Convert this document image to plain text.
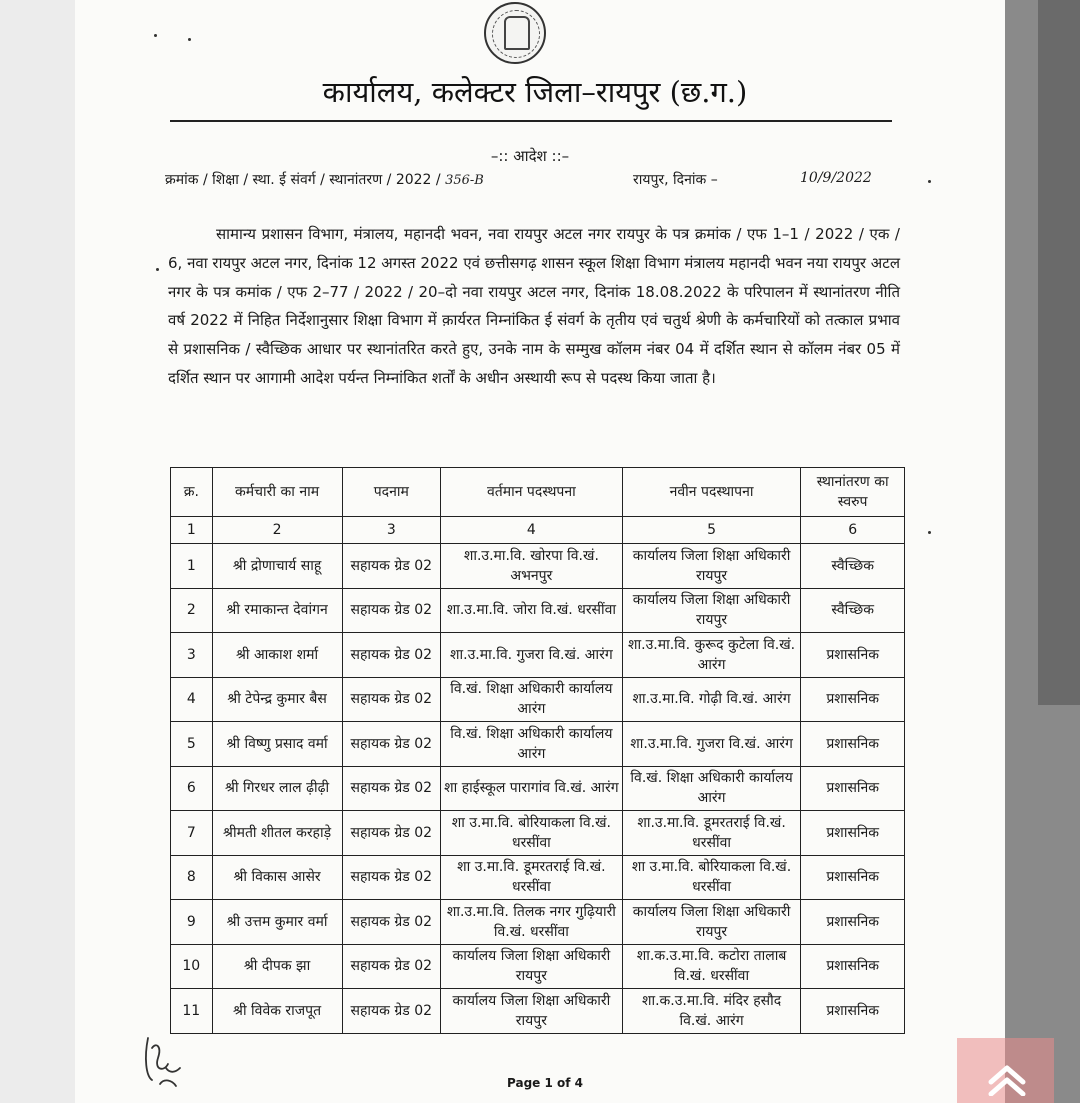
कार्यालय, कलेक्टर जिला–रायपुर (छ.ग.)
–:: आदेश ::–
क्रमांक / शिक्षा / स्था. ई संवर्ग / स्थानांतरण / 2022 / 356-B	रायपुर, दिनांक –	10/9/2022
सामान्य प्रशासन विभाग, मंत्रालय, महानदी भवन, नवा रायपुर अटल नगर रायपुर के पत्र क्रमांक / एफ 1–1 / 2022 / एक / 6, नवा रायपुर अटल नगर, दिनांक 12 अगस्त 2022 एवं छत्तीसगढ़ शासन स्कूल शिक्षा विभाग मंत्रालय महानदी भवन नया रायपुर अटल नगर के पत्र कमांक / एफ 2–77 / 2022 / 20–दो नवा रायपुर अटल नगर, दिनांक 18.08.2022 के परिपालन में स्थानांतरण नीति वर्ष 2022 में निहित निर्देशानुसार शिक्षा विभाग में क़ार्यरत निम्नांकित ई संवर्ग के तृतीय एवं चतुर्थ श्रेणी के कर्मचारियों को तत्काल प्रभाव से प्रशासनिक / स्वैच्छिक आधार पर स्थानांतरित करते हुए, उनके नाम के सम्मुख कॉलम नंबर 04 में दर्शित स्थान से कॉलम नंबर 05 में दर्शित स्थान पर आगामी आदेश पर्यन्त निम्नांकित शर्तों के अधीन अस्थायी रूप से पदस्थ किया जाता है।
क्र.	कर्मचारी का नाम	पदनाम	वर्तमान पदस्थपना	नवीन पदस्थापना	स्थानांतरण का स्वरुप
1	2	3	4	5	6
1	श्री द्रोणाचार्य साहू	सहायक ग्रेड 02	शा.उ.मा.वि. खोरपा वि.खं. अभनपुर	कार्यालय जिला शिक्षा अधिकारी रायपुर	स्वैच्छिक
2	श्री रमाकान्त देवांगन	सहायक ग्रेड 02	शा.उ.मा.वि. जोरा वि.खं. धरसींवा	कार्यालय जिला शिक्षा अधिकारी रायपुर	स्वैच्छिक
3	श्री आकाश शर्मा	सहायक ग्रेड 02	शा.उ.मा.वि. गुजरा वि.खं. आरंग	शा.उ.मा.वि. कुरूद कुटेला वि.खं. आरंग	प्रशासनिक
4	श्री टेपेन्द्र कुमार बैस	सहायक ग्रेड 02	वि.खं. शिक्षा अधिकारी कार्यालय आरंग	शा.उ.मा.वि. गोढ़ी वि.खं. आरंग	प्रशासनिक
5	श्री विष्णु प्रसाद वर्मा	सहायक ग्रेड 02	वि.खं. शिक्षा अधिकारी कार्यालय आरंग	शा.उ.मा.वि. गुजरा वि.खं. आरंग	प्रशासनिक
6	श्री गिरधर लाल ढ़ीढ़ी	सहायक ग्रेड 02	शा हाईस्कूल पारागांव वि.खं. आरंग	वि.खं. शिक्षा अधिकारी कार्यालय आरंग	प्रशासनिक
7	श्रीमती शीतल करहाड़े	सहायक ग्रेड 02	शा उ.मा.वि. बोरियाकला वि.खं. धरसींवा	शा.उ.मा.वि. डूमरतराई वि.खं. धरसींवा	प्रशासनिक
8	श्री विकास आसेर	सहायक ग्रेड 02	शा उ.मा.वि. डूमरतराई वि.खं. धरसींवा	शा उ.मा.वि. बोरियाकला वि.खं. धरसींवा	प्रशासनिक
9	श्री उत्तम कुमार वर्मा	सहायक ग्रेड 02	शा.उ.मा.वि. तिलक नगर गुढ़ियारी वि.खं. धरसींवा	कार्यालय जिला शिक्षा अधिकारी रायपुर	प्रशासनिक
10	श्री दीपक झा	सहायक ग्रेड 02	कार्यालय जिला शिक्षा अधिकारी रायपुर	शा.क.उ.मा.वि. कटोरा तालाब वि.खं. धरसींवा	प्रशासनिक
11	श्री विवेक राजपूत	सहायक ग्रेड 02	कार्यालय जिला शिक्षा अधिकारी रायपुर	शा.क.उ.मा.वि. मंदिर हसौद वि.खं. आरंग	प्रशासनिक
Page 1 of 4
